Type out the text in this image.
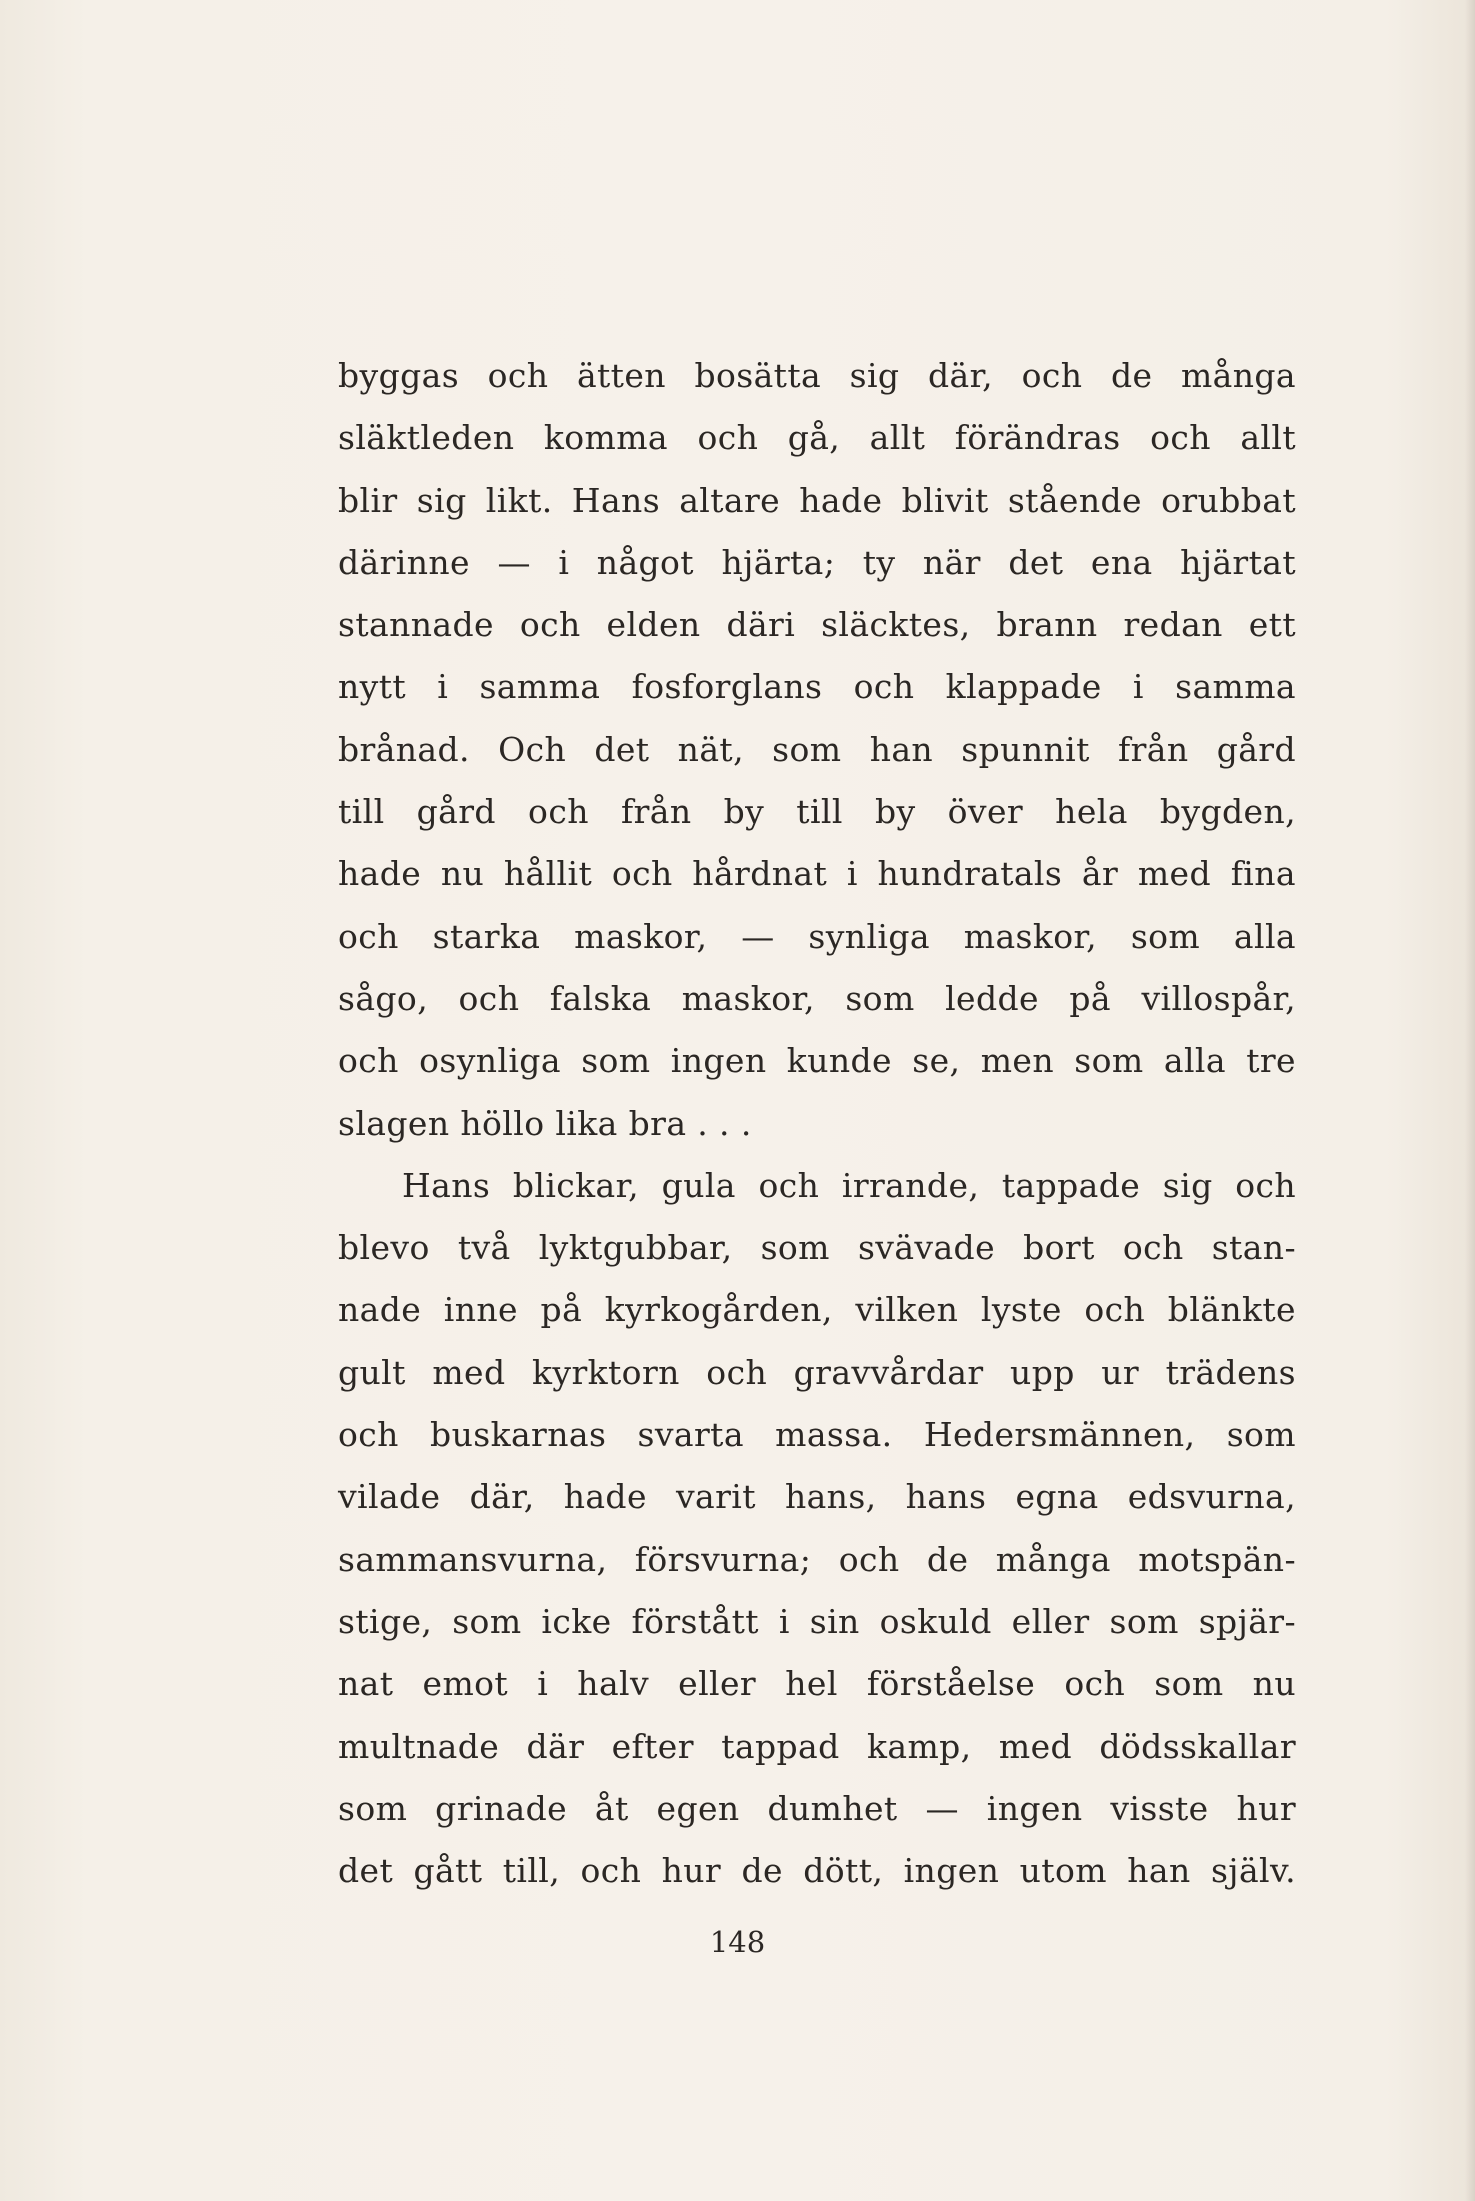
byggas och ätten bosätta sig där, och de många
släktleden komma och gå, allt förändras och allt
blir sig likt. Hans altare hade blivit stående orubbat
därinne — i något hjärta; ty när det ena hjärtat
stannade och elden däri släcktes, brann redan ett
nytt i samma fosforglans och klappade i samma
brånad. Och det nät, som han spunnit från gård
till gård och från by till by över hela bygden,
hade nu hållit och hårdnat i hundratals år med fina
och starka maskor, — synliga maskor, som alla
sågo, och falska maskor, som ledde på villospår,
och osynliga som ingen kunde se, men som alla tre
slagen höllo lika bra . . .
Hans blickar, gula och irrande, tappade sig och
blevo två lyktgubbar, som svävade bort och stan-
nade inne på kyrkogården, vilken lyste och blänkte
gult med kyrktorn och gravvårdar upp ur trädens
och buskarnas svarta massa. Hedersmännen, som
vilade där, hade varit hans, hans egna edsvurna,
sammansvurna, försvurna; och de många motspän-
stige, som icke förstått i sin oskuld eller som spjär-
nat emot i halv eller hel förståelse och som nu
multnade där efter tappad kamp, med dödsskallar
som grinade åt egen dumhet — ingen visste hur
det gått till, och hur de dött, ingen utom han själv.
148
